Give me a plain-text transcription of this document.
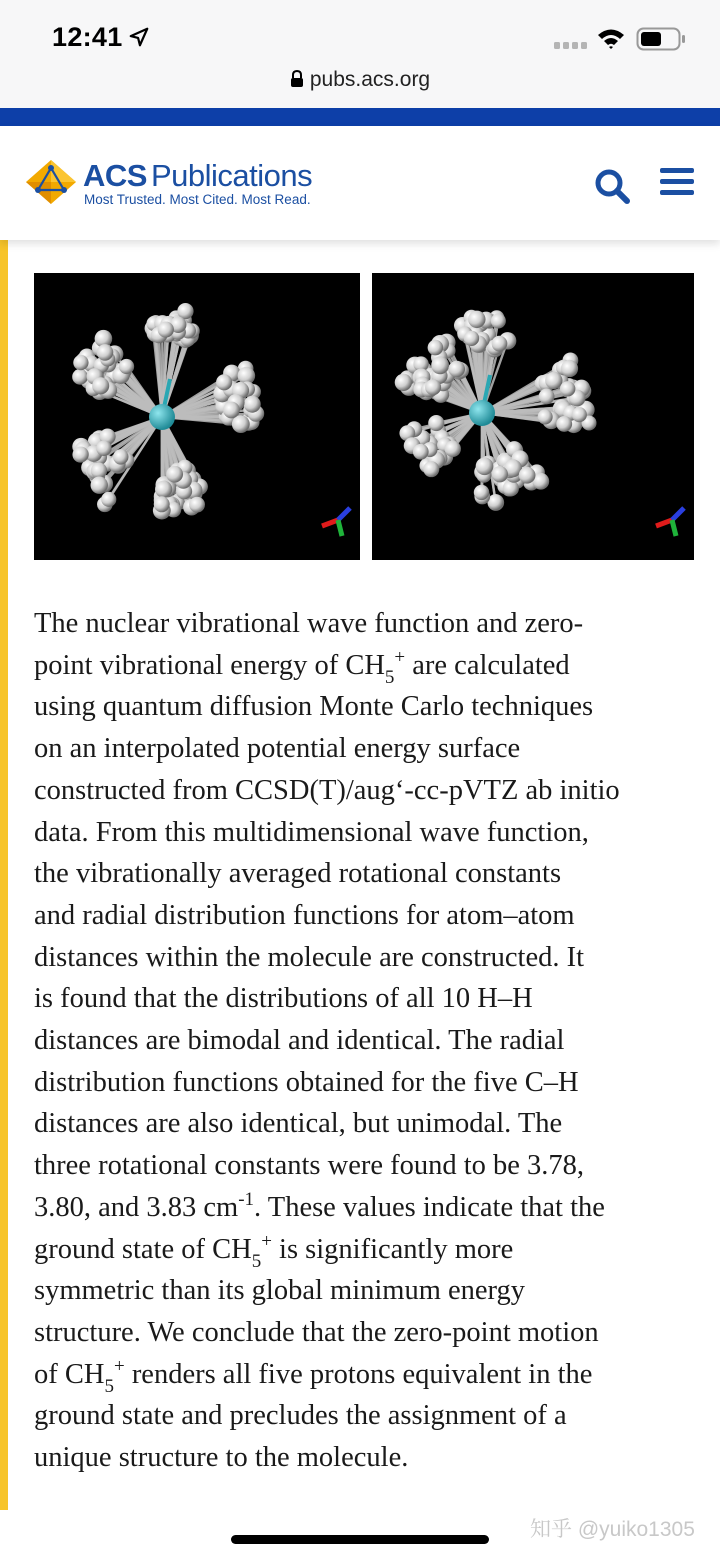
12:41
pubs.acs.org
ACS Publications
Most Trusted. Most Cited. Most Read.

The nuclear vibrational wave function and zero-

point vibrational energy of $CH_5^+$ are calculated

using quantum diffusion Monte Carlo techniques

on an interpolated potential energy surface

constructed from CCSD(T)/aug‘-cc-pVTZ ab initio

data. From this multidimensional wave function,

the vibrationally averaged rotational constants

and radial distribution functions for atom–atom

distances within the molecule are constructed. It

is found that the distributions of all 10 H–H

distances are bimodal and identical. The radial

distribution functions obtained for the five C–H

distances are also identical, but unimodal. The

three rotational constants were found to be 3.78,

3.80, and 3.83 $cm^{-1}$. These values indicate that the

ground state of $CH_5^+$ is significantly more

symmetric than its global minimum energy

structure. We conclude that the zero-point motion

of $CH_5^+$ renders all five protons equivalent in the

ground state and precludes the assignment of a

unique structure to the molecule.

知乎 @yuiko1305
